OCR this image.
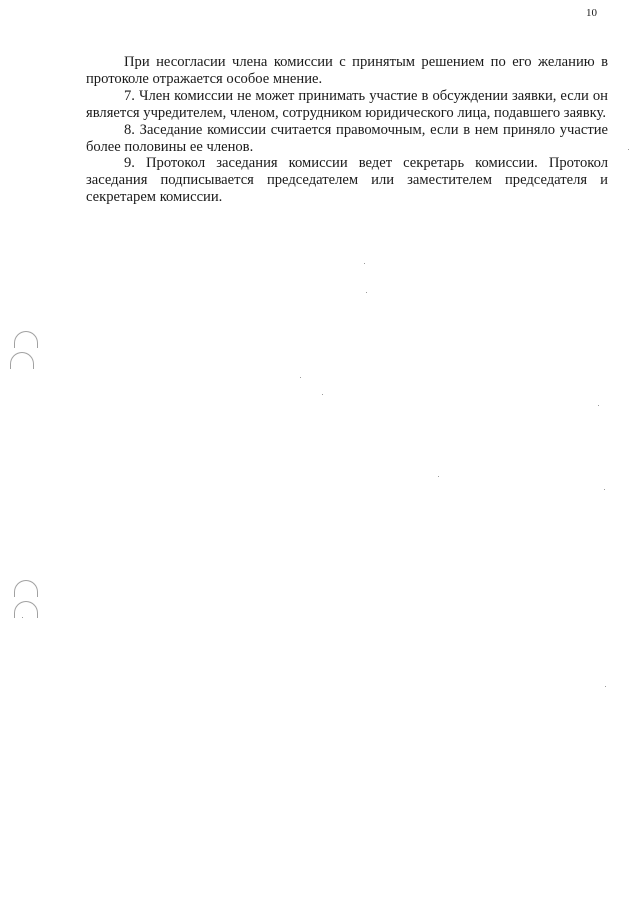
10

При несогласии члена комиссии с принятым решением по его желанию в протоколе отражается особое мнение.

7. Член комиссии не может принимать участие в обсуждении заявки, если он является учредителем, членом, сотрудником юридического лица, подавшего заявку.

8. Заседание комиссии считается правомочным, если в нем приняло участие более половины ее членов.

9. Протокол заседания комиссии ведет секретарь комиссии. Протокол заседания подписывается председателем или заместителем председателя и секретарем комиссии.
